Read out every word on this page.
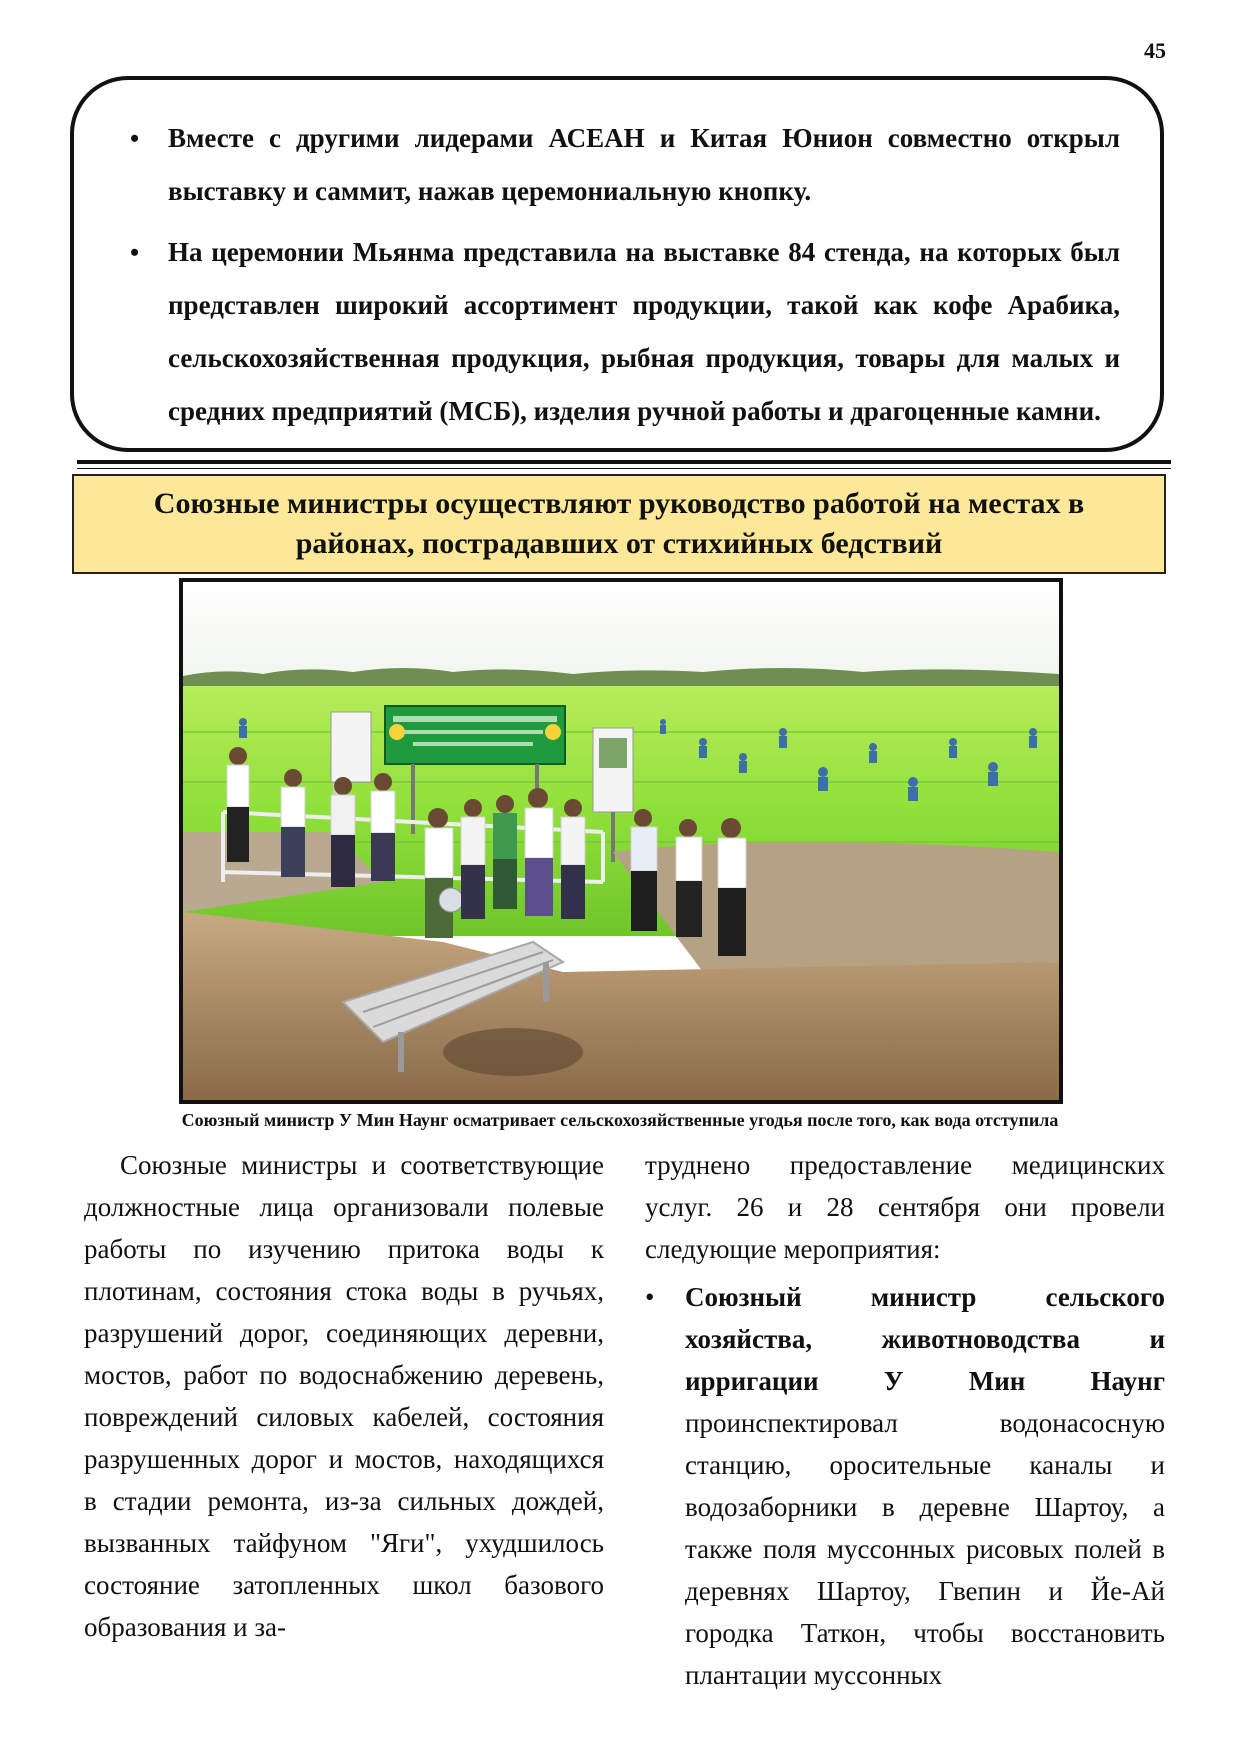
45
• Вместе с другими лидерами АСЕАН и Китая Юнион совместно открыл выставку и саммит, нажав церемониальную кнопку.
• На церемонии Мьянма представила на выставке 84 стенда, на которых был представлен широкий ассортимент продукции, такой как кофе Арабика, сельскохозяйственная продукция, рыбная продукция, товары для малых и средних предприятий (МСБ), изделия ручной работы и драгоценные камни.
Союзные министры осуществляют руководство работой на местах в районах, пострадавших от стихийных бедствий
Союзный министр У Мин Наунг осматривает сельскохозяйственные угодья после того, как вода отступила

Союзные министры и соответствующие должностные лица организовали полевые работы по изучению притока воды к плотинам, состояния стока воды в ручьях, разрушений дорог, соединяющих деревни, мостов, работ по водоснабжению деревень, повреждений силовых кабелей, состояния разрушенных дорог и мостов, находящихся в стадии ремонта, из-за сильных дождей, вызванных тайфуном "Яги", ухудшилось состояние затопленных школ базового образования и за-

труднено предоставление медицинских услуг. 26 и 28 сентября они провели следующие мероприятия:

• Союзный министр сельского хозяйства, животноводства и ирригации У Мин Наунг проинспектировал водонасосную станцию, оросительные каналы и водозаборники в деревне Шартоу, а также поля муссонных рисовых полей в деревнях Шартоу, Гвепин и Йе-Ай городка Таткон, чтобы восстановить плантации муссонных
